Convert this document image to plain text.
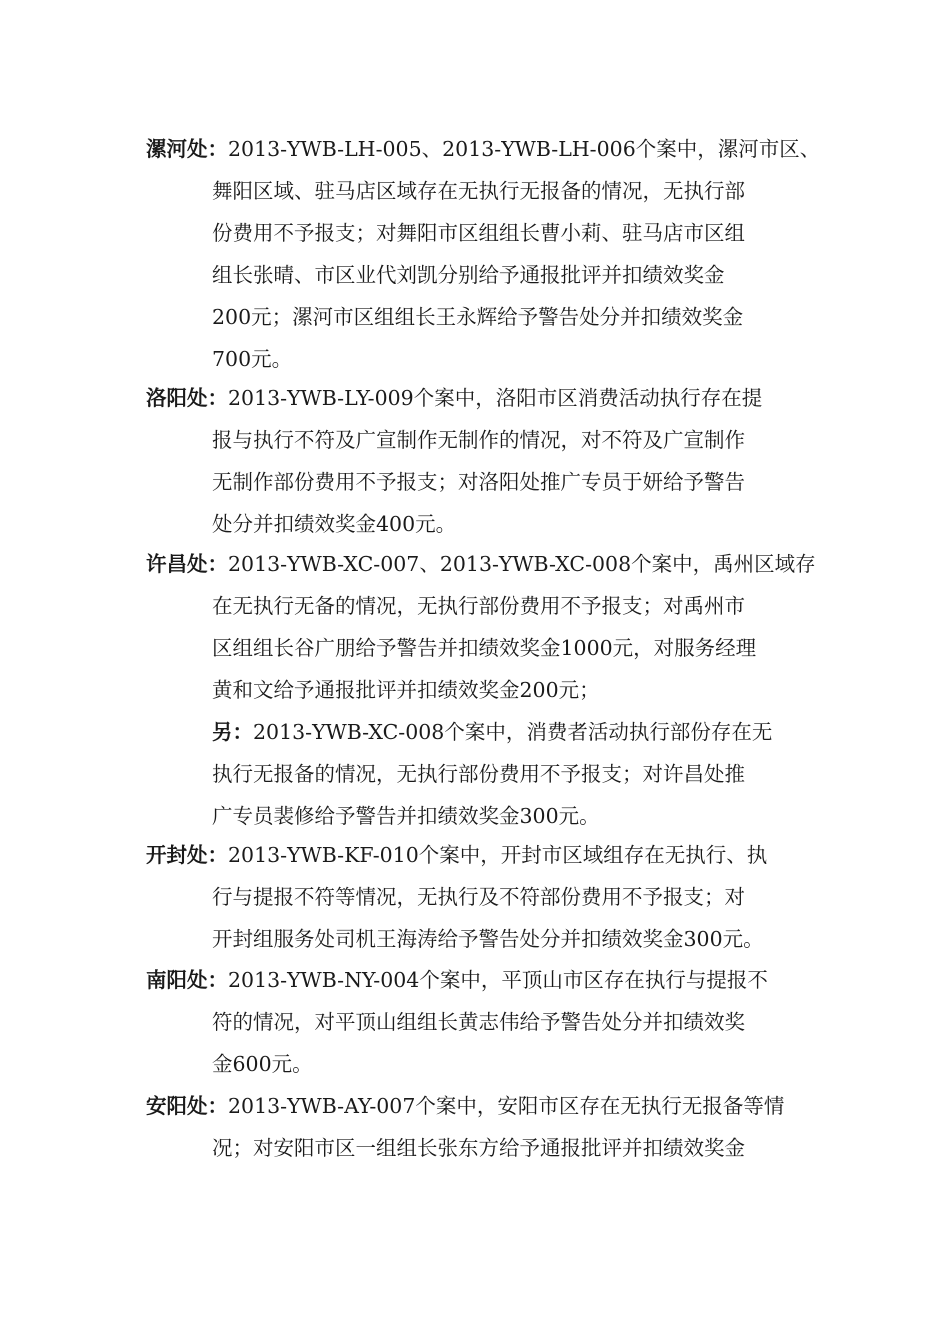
漯河处：2013-YWB-LH-005、2013-YWB-LH-006个案中，漯河市区、
舞阳区域、驻马店区域存在无执行无报备的情况，无执行部
份费用不予报支；对舞阳市区组组长曹小莉、驻马店市区组
组长张晴、市区业代刘凯分别给予通报批评并扣绩效奖金
200元；漯河市区组组长王永辉给予警告处分并扣绩效奖金
700元。
洛阳处：2013-YWB-LY-009个案中，洛阳市区消费活动执行存在提
报与执行不符及广宣制作无制作的情况，对不符及广宣制作
无制作部份费用不予报支；对洛阳处推广专员于妍给予警告
处分并扣绩效奖金400元。
许昌处：2013-YWB-XC-007、2013-YWB-XC-008个案中，禹州区域存
在无执行无备的情况，无执行部份费用不予报支；对禹州市
区组组长谷广朋给予警告并扣绩效奖金1000元，对服务经理
黄和文给予通报批评并扣绩效奖金200元；
另：2013-YWB-XC-008个案中，消费者活动执行部份存在无
执行无报备的情况，无执行部份费用不予报支；对许昌处推
广专员裴修给予警告并扣绩效奖金300元。
开封处：2013-YWB-KF-010个案中，开封市区域组存在无执行、执
行与提报不符等情况，无执行及不符部份费用不予报支；对
开封组服务处司机王海涛给予警告处分并扣绩效奖金300元。
南阳处：2013-YWB-NY-004个案中，平顶山市区存在执行与提报不
符的情况，对平顶山组组长黄志伟给予警告处分并扣绩效奖
金600元。
安阳处：2013-YWB-AY-007个案中，安阳市区存在无执行无报备等情
况；对安阳市区一组组长张东方给予通报批评并扣绩效奖金
